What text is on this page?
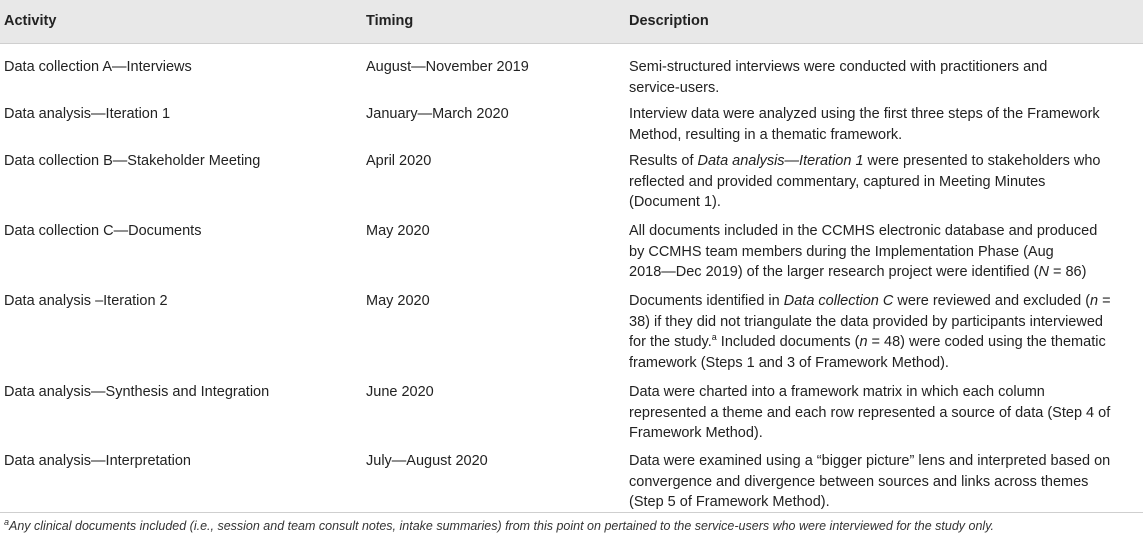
Activity	Timing	Description
Data collection A—Interviews	August—November 2019	Semi-structured interviews were conducted with practitioners and
service-users.
Data analysis—Iteration 1	January—March 2020	Interview data were analyzed using the first three steps of the Framework
Method, resulting in a thematic framework.
Data collection B—Stakeholder Meeting	April 2020	Results of Data analysis—Iteration 1 were presented to stakeholders who
reflected and provided commentary, captured in Meeting Minutes
(Document 1).
Data collection C—Documents	May 2020	All documents included in the CCMHS electronic database and produced
by CCMHS team members during the Implementation Phase (Aug
2018—Dec 2019) of the larger research project were identified (N = 86)
Data analysis –Iteration 2	May 2020	Documents identified in Data collection C were reviewed and excluded (n =
38) if they did not triangulate the data provided by participants interviewed
for the study.$^a$ Included documents (n = 48) were coded using the thematic
framework (Steps 1 and 3 of Framework Method).
Data analysis—Synthesis and Integration	June 2020	Data were charted into a framework matrix in which each column
represented a theme and each row represented a source of data (Step 4 of
Framework Method).
Data analysis—Interpretation	July—August 2020	Data were examined using a “bigger picture” lens and interpreted based on
convergence and divergence between sources and links across themes
(Step 5 of Framework Method).
$^a$Any clinical documents included (i.e., session and team consult notes, intake summaries) from this point on pertained to the service-users who were interviewed for the study only.
